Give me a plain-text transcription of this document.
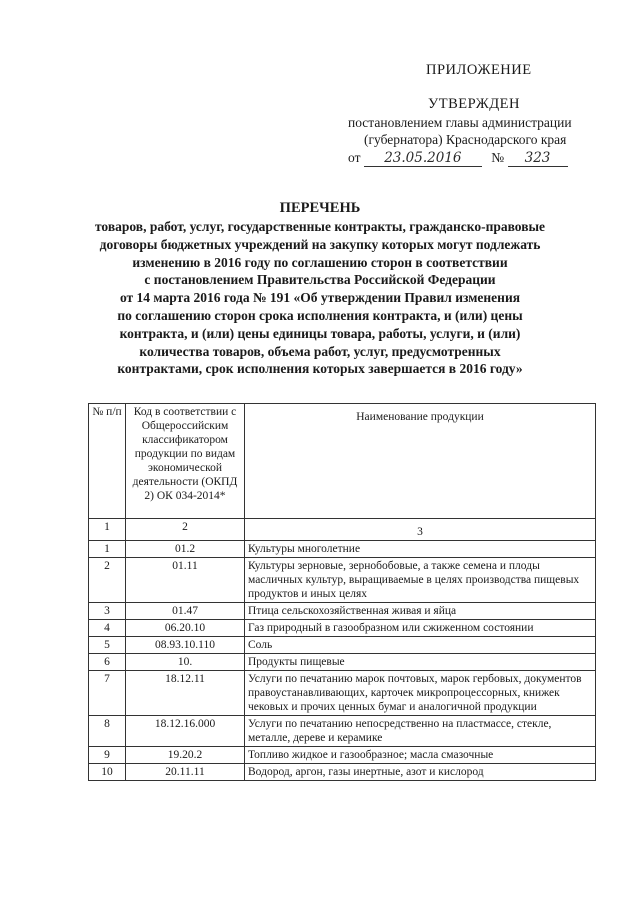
ПРИЛОЖЕНИЕ
УТВЕРЖДЕН
постановлением главы администрации
(губернатора) Краснодарского края
от 23.05.2016 № 323
ПЕРЕЧЕНЬ
товаров, работ, услуг, государственные контракты, гражданско-правовые
договоры бюджетных учреждений на закупку которых могут подлежать
изменению в 2016 году по соглашению сторон в соответствии
с постановлением Правительства Российской Федерации
от 14 марта 2016 года № 191 «Об утверждении Правил изменения
по соглашению сторон срока исполнения контракта, и (или) цены
контракта, и (или) цены единицы товара, работы, услуги, и (или)
количества товаров, объема работ, услуг, предусмотренных
контрактами, срок исполнения которых завершается в 2016 году»
№ п/п	Код в соответствии с Общероссийским классификатором продукции по видам экономической деятельности (ОКПД 2) ОК 034-2014*	Наименование продукции
1	2	3
1	01.2	Культуры многолетние
2	01.11	Культуры зерновые, зернобобовые, а также семена и плоды масличных культур, выращиваемые в целях производства пищевых продуктов и иных целях
3	01.47	Птица сельскохозяйственная живая и яйца
4	06.20.10	Газ природный в газообразном или сжиженном состоянии
5	08.93.10.110	Соль
6	10.	Продукты пищевые
7	18.12.11	Услуги по печатанию марок почтовых, марок гербовых, документов правоустанавливающих, карточек микропроцессорных, книжек чековых и прочих ценных бумаг и аналогичной продукции
8	18.12.16.000	Услуги по печатанию непосредственно на пластмассе, стекле, металле, дереве и керамике
9	19.20.2	Топливо жидкое и газообразное; масла смазочные
10	20.11.11	Водород, аргон, газы инертные, азот и кислород
